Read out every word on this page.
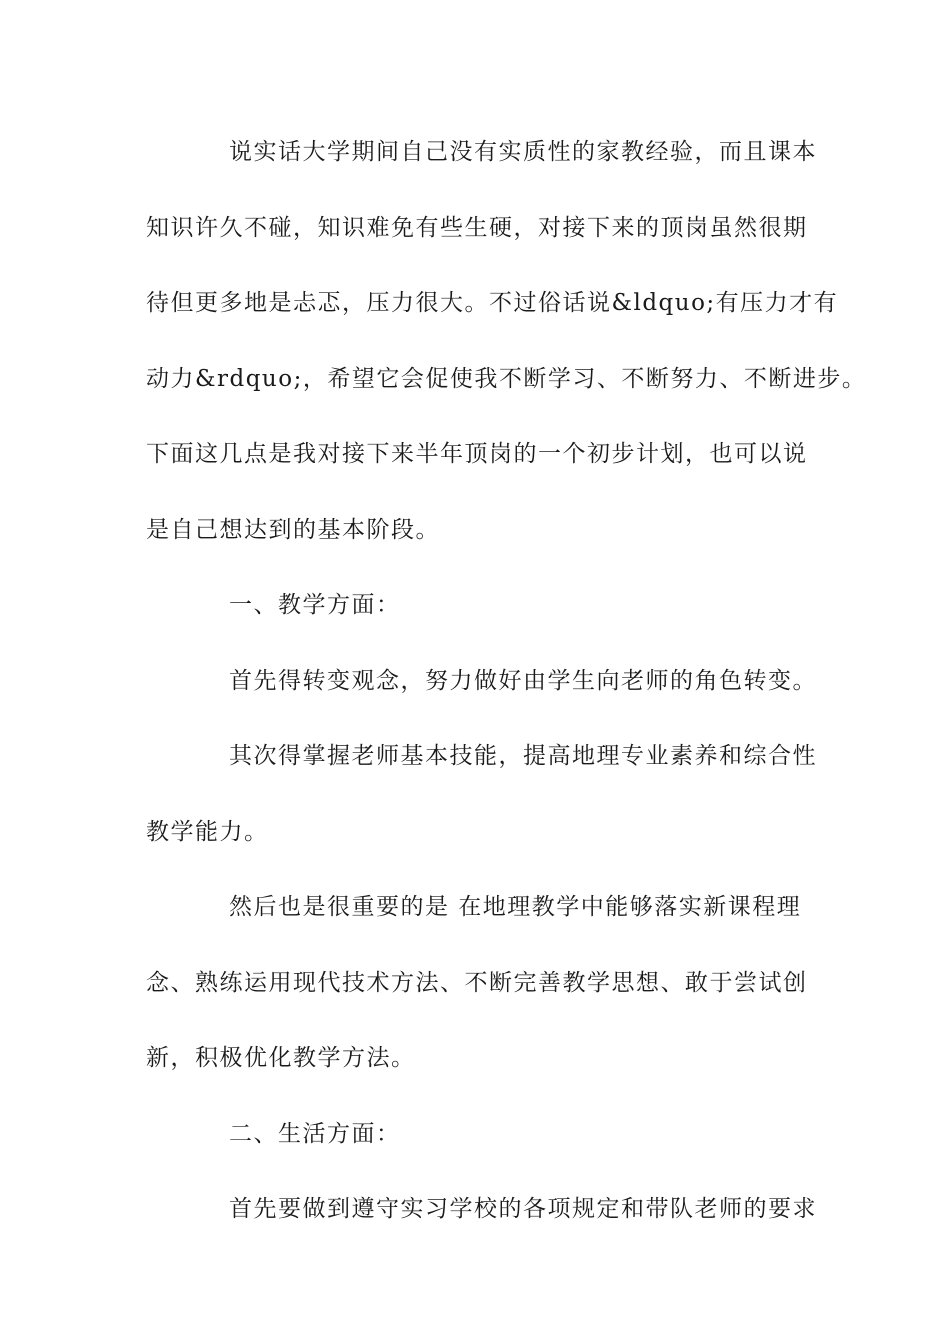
说实话大学期间自己没有实质性的家教经验，而且课本
知识许久不碰，知识难免有些生硬，对接下来的顶岗虽然很期
待但更多地是忐忑，压力很大。不过俗话说&ldquo;有压力才有
动力&rdquo;，希望它会促使我不断学习、不断努力、不断进步。
下面这几点是我对接下来半年顶岗的一个初步计划，也可以说
是自己想达到的基本阶段。

一、教学方面：

首先得转变观念，努力做好由学生向老师的角色转变。

其次得掌握老师基本技能，提高地理专业素养和综合性
教学能力。

然后也是很重要的是 在地理教学中能够落实新课程理
念、熟练运用现代技术方法、不断完善教学思想、敢于尝试创
新，积极优化教学方法。

二、生活方面：

首先要做到遵守实习学校的各项规定和带队老师的要求
